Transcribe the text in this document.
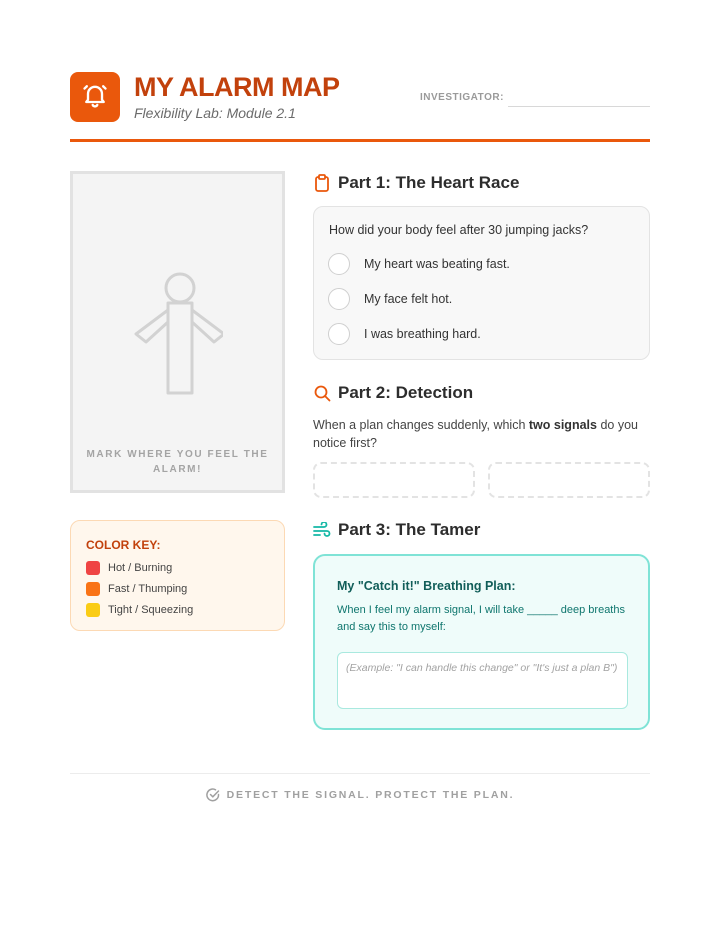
MY ALARM MAP
Flexibility Lab: Module 2.1
INVESTIGATOR:
MARK WHERE YOU FEEL THE ALARM!
COLOR KEY:
Hot / Burning
Fast / Thumping
Tight / Squeezing
Part 1: The Heart Race
How did your body feel after 30 jumping jacks?
My heart was beating fast.
My face felt hot.
I was breathing hard.
Part 2: Detection
When a plan changes suddenly, which two signals do you notice first?
Part 3: The Tamer
My "Catch it!" Breathing Plan:
When I feel my alarm signal, I will take _____ deep breaths and say this to myself:
(Example: "I can handle this change" or "It's just a plan B")
DETECT THE SIGNAL. PROTECT THE PLAN.
